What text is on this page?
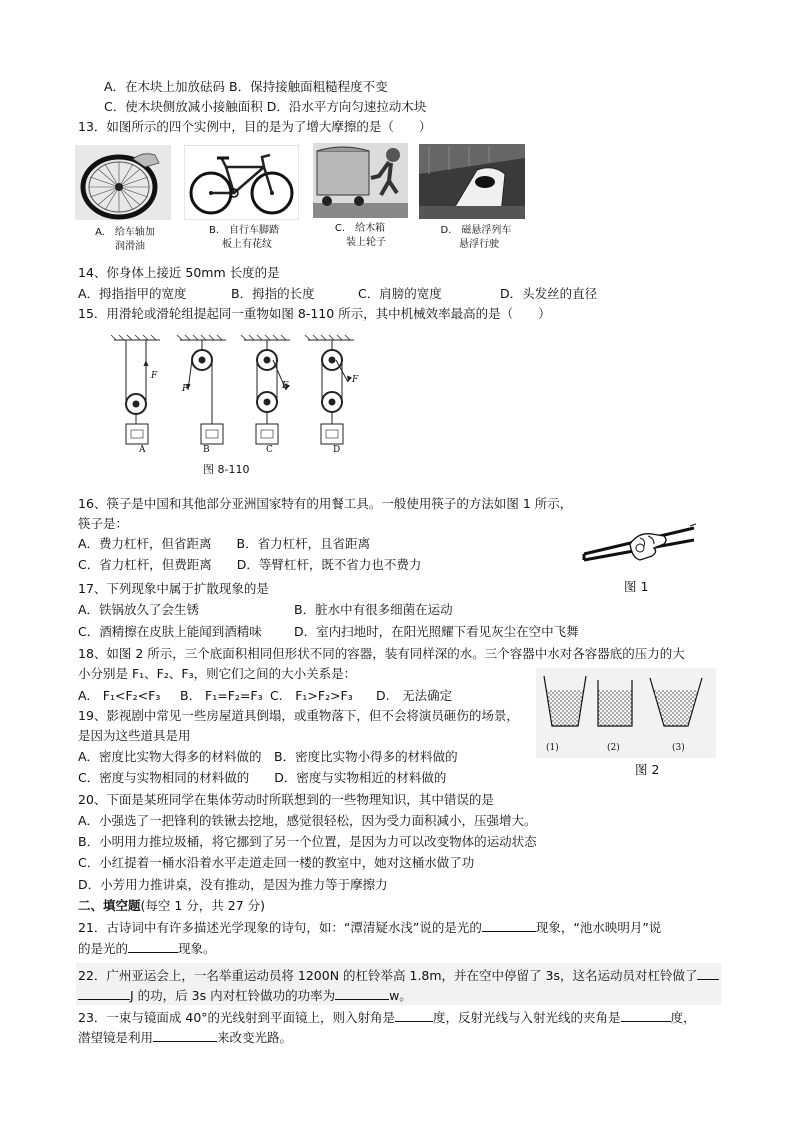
A．在木块上加放砝码 B．保持接触面粗糙程度不变
C．使木块侧放减小接触面积 D．沿水平方向匀速拉动木块
13．如图所示的四个实例中，目的是为了增大摩擦的是（　　）
A.　给车轴加
润滑油
B.　自行车脚踏
板上有花纹
C.　给木箱
装上轮子
D.　磁悬浮列车
悬浮行驶
14、你身体上接近 50mm 长度的是
A．拇指指甲的宽度	B．拇指的长度	C．肩膀的宽度	D．头发丝的直径
15．用滑轮或滑轮组提起同一重物如图 8-110 所示，其中机械效率最高的是（　　）
F
F	F
F
A	B	C	D
图 8-110
16、筷子是中国和其他部分亚洲国家特有的用餐工具。一般使用筷子的方法如图 1 所示，
筷子是：
A．费力杠杆，但省距离　　B．省力杠杆，且省距离
C．省力杠杆，但费距离　　D．等臂杠杆，既不省力也不费力
图 1
17、下列现象中属于扩散现象的是
A．铁锅放久了会生锈	B．脏水中有很多细菌在运动
C．酒精擦在皮肤上能闻到酒精味	D．室内扫地时，在阳光照耀下看见灰尘在空中飞舞
18、如图 2 所示，三个底面积相同但形状不同的容器，装有同样深的水。三个容器中水对各容器底的压力的大
小分别是 F₁、F₂、F₃，则它们之间的大小关系是：
A.　F₁<F₂<F₃ B.　F₁=F₂=F₃ C.　F₁>F₂>F₃ D.　无法确定
(1)	(2)	(3)
图 2
19、影视剧中常见一些房屋道具倒塌，或重物落下，但不会将演员砸伤的场景，
是因为这些道具是用
A．密度比实物大得多的材料做的　B．密度比实物小得多的材料做的
C．密度与实物相同的材料做的　　D．密度与实物相近的材料做的
20、下面是某班同学在集体劳动时所联想到的一些物理知识，其中错误的是
A．小强选了一把锋利的铁锹去挖地，感觉很轻松，因为受力面积减小，压强增大。
B．小明用力推垃圾桶，将它挪到了另一个位置，是因为力可以改变物体的运动状态
C．小红提着一桶水沿着水平走道走回一楼的教室中，她对这桶水做了功
D．小芳用力推讲桌，没有推动，是因为推力等于摩擦力
二、填空题(每空 1 分，共 27 分)
21．古诗词中有许多描述光学现象的诗句，如：“潭清疑水浅”说的是光的	现象，“池水映明月”说
的是光的	现象。
22．广州亚运会上，一名举重运动员将 1200N 的杠铃举高 1.8m，并在空中停留了 3s，这名运动员对杠铃做了
J 的功，后 3s 内对杠铃做功的功率为	w。
23．一束与镜面成 40°的光线射到平面镜上，则入射角是	度，反射光线与入射光线的夹角是	度，
潜望镜是利用	来改变光路。
